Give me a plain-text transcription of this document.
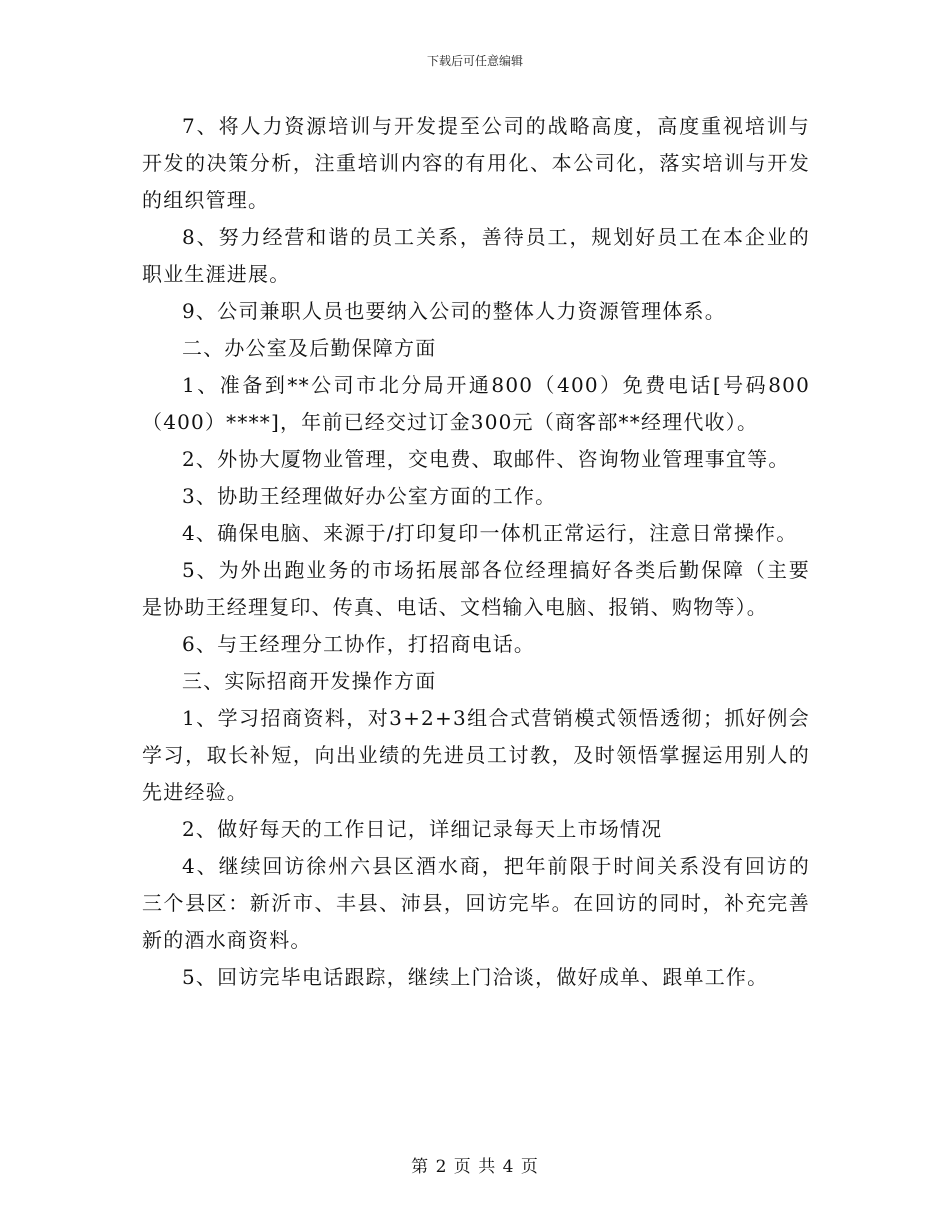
下载后可任意编辑

7、将人力资源培训与开发提至公司的战略高度，高度重视培训与开发的决策分析，注重培训内容的有用化、本公司化，落实培训与开发的组织管理。

8、努力经营和谐的员工关系，善待员工，规划好员工在本企业的职业生涯进展。

9、公司兼职人员也要纳入公司的整体人力资源管理体系。

二、办公室及后勤保障方面

1、准备到**公司市北分局开通800（400）免费电话[号码800（400）****]，年前已经交过订金300元（商客部**经理代收）。

2、外协大厦物业管理，交电费、取邮件、咨询物业管理事宜等。

3、协助王经理做好办公室方面的工作。

4、确保电脑、来源于/打印复印一体机正常运行，注意日常操作。

5、为外出跑业务的市场拓展部各位经理搞好各类后勤保障（主要是协助王经理复印、传真、电话、文档输入电脑、报销、购物等）。

6、与王经理分工协作，打招商电话。

三、实际招商开发操作方面

1、学习招商资料，对3+2+3组合式营销模式领悟透彻；抓好例会学习，取长补短，向出业绩的先进员工讨教，及时领悟掌握运用别人的先进经验。

2、做好每天的工作日记，详细记录每天上市场情况

4、继续回访徐州六县区酒水商，把年前限于时间关系没有回访的三个县区：新沂市、丰县、沛县，回访完毕。在回访的同时，补充完善新的酒水商资料。

5、回访完毕电话跟踪，继续上门洽谈，做好成单、跟单工作。

第 2 页 共 4 页
